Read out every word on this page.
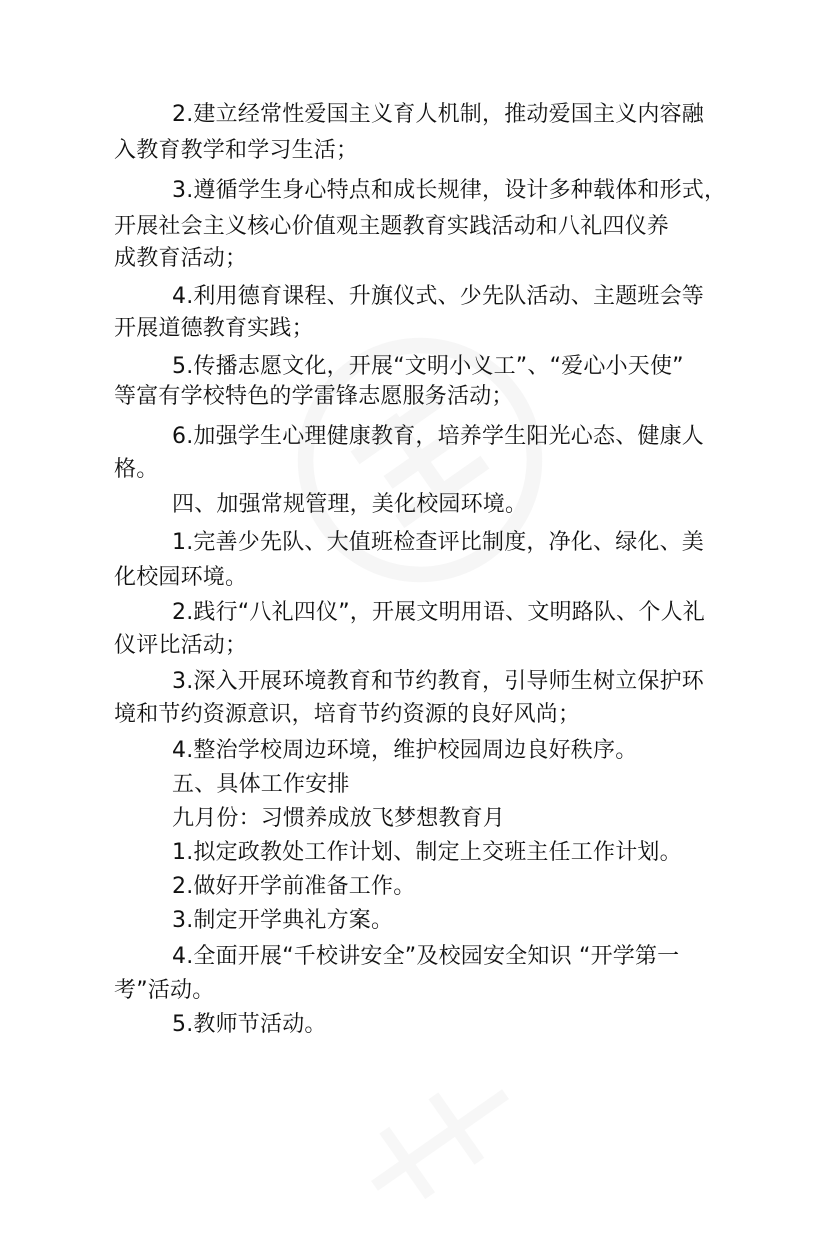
2.建立经常性爱国主义育人机制，推动爱国主义内容融
入教育教学和学习生活；
3.遵循学生身心特点和成长规律，设计多种载体和形式，
开展社会主义核心价值观主题教育实践活动和八礼四仪养
成教育活动；
4.利用德育课程、升旗仪式、少先队活动、主题班会等
开展道德教育实践；
5.传播志愿文化，开展“文明小义工”、“爱心小天使”
等富有学校特色的学雷锋志愿服务活动；
6.加强学生心理健康教育，培养学生阳光心态、健康人
格。
四、加强常规管理，美化校园环境。
1.完善少先队、大值班检查评比制度，净化、绿化、美
化校园环境。
2.践行“八礼四仪”，开展文明用语、文明路队、个人礼
仪评比活动；
3.深入开展环境教育和节约教育，引导师生树立保护环
境和节约资源意识，培育节约资源的良好风尚；
4.整治学校周边环境，维护校园周边良好秩序。
五、具体工作安排
九月份：习惯养成放飞梦想教育月
1.拟定政教处工作计划、制定上交班主任工作计划。
2.做好开学前准备工作。
3.制定开学典礼方案。
4.全面开展“千校讲安全”及校园安全知识 “开学第一
考”活动。
5.教师节活动。
